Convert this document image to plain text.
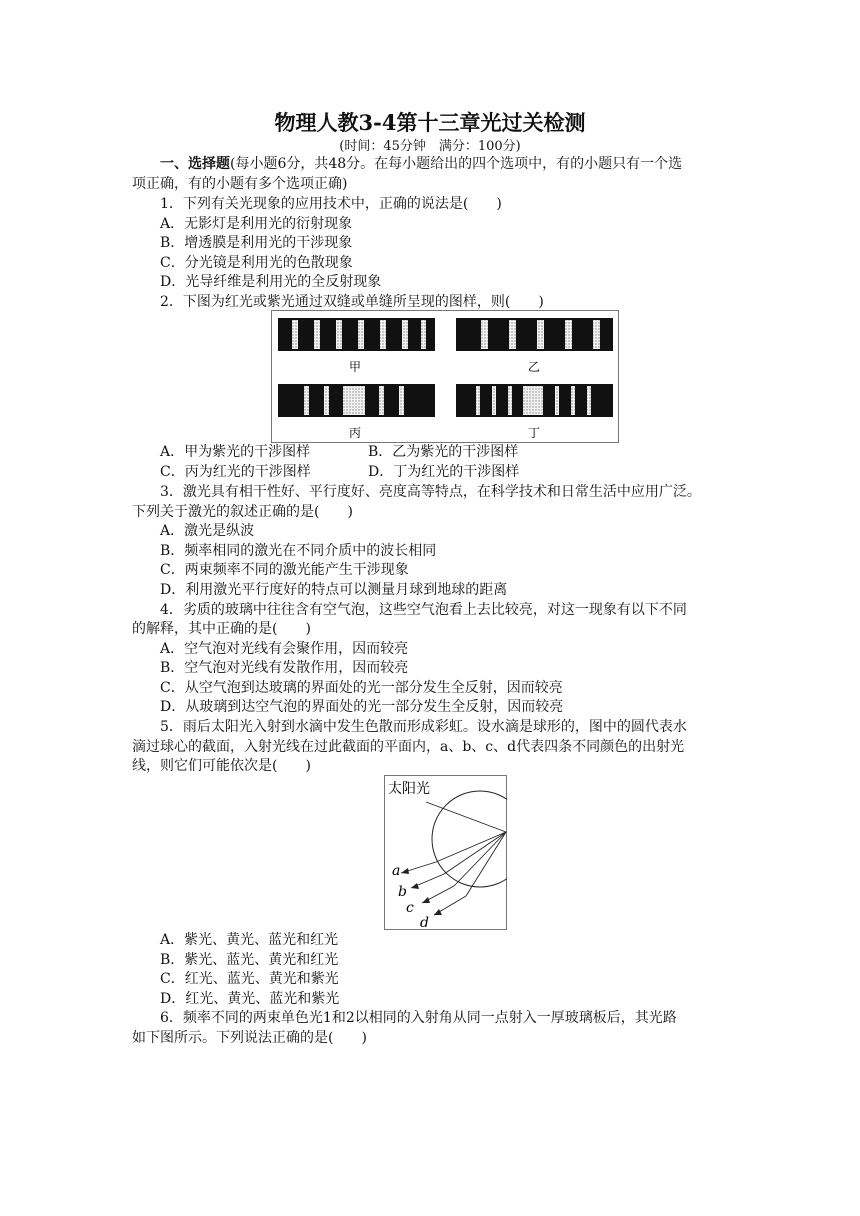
物理人教3-4第十三章光过关检测
(时间：45分钟　满分：100分)
一、选择题(每小题6分，共48分。在每小题给出的四个选项中，有的小题只有一个选
项正确，有的小题有多个选项正确)
1．下列有关光现象的应用技术中，正确的说法是(　　)
A．无影灯是利用光的衍射现象
B．增透膜是利用光的干涉现象
C．分光镜是利用光的色散现象
D．光导纤维是利用光的全反射现象
2．下图为红光或紫光通过双缝或单缝所呈现的图样，则(　　)
甲	乙
丙	丁
A．甲为紫光的干涉图样	B．乙为紫光的干涉图样
C．丙为红光的干涉图样	D．丁为红光的干涉图样
3．激光具有相干性好、平行度好、亮度高等特点，在科学技术和日常生活中应用广泛。
下列关于激光的叙述正确的是(　　)
A．激光是纵波
B．频率相同的激光在不同介质中的波长相同
C．两束频率不同的激光能产生干涉现象
D．利用激光平行度好的特点可以测量月球到地球的距离
4．劣质的玻璃中往往含有空气泡，这些空气泡看上去比较亮，对这一现象有以下不同
的解释，其中正确的是(　　)
A．空气泡对光线有会聚作用，因而较亮
B．空气泡对光线有发散作用，因而较亮
C．从空气泡到达玻璃的界面处的光一部分发生全反射，因而较亮
D．从玻璃到达空气泡的界面处的光一部分发生全反射，因而较亮
5．雨后太阳光入射到水滴中发生色散而形成彩虹。设水滴是球形的，图中的圆代表水
滴过球心的截面，入射光线在过此截面的平面内，a、b、c、d代表四条不同颜色的出射光
线，则它们可能依次是(　　)
太阳光
a
b
c
d
A．紫光、黄光、蓝光和红光
B．紫光、蓝光、黄光和红光
C．红光、蓝光、黄光和紫光
D．红光、黄光、蓝光和紫光
6．频率不同的两束单色光1和2以相同的入射角从同一点射入一厚玻璃板后，其光路
如下图所示。下列说法正确的是(　　)
